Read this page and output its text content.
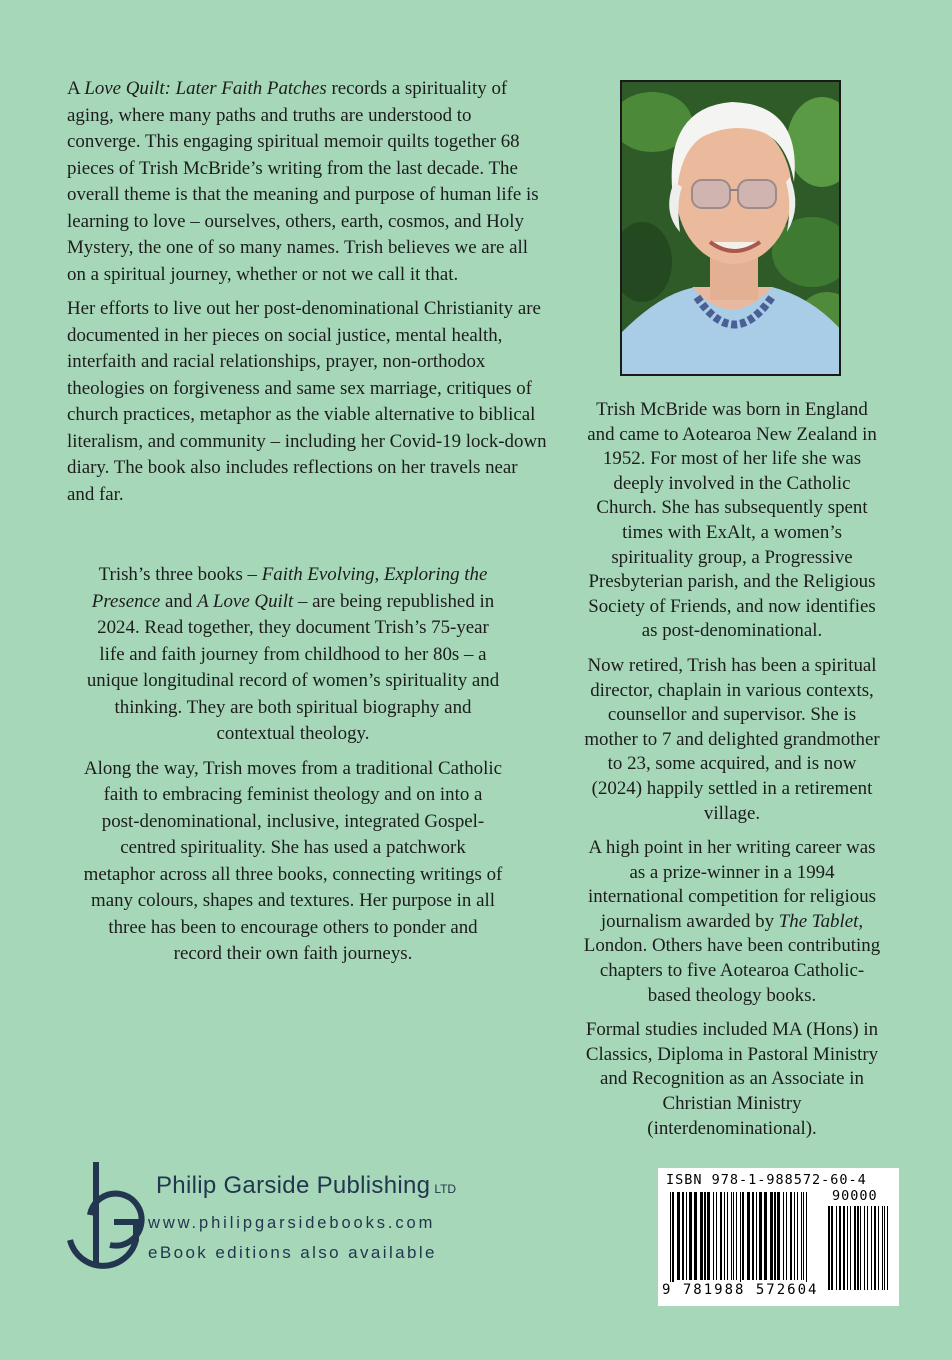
A Love Quilt: Later Faith Patches records a spirituality of aging, where many paths and truths are understood to converge. This engaging spiritual memoir quilts together 68 pieces of Trish McBride’s writing from the last decade. The overall theme is that the meaning and purpose of human life is learning to love – ourselves, others, earth, cosmos, and Holy Mystery, the one of so many names. Trish believes we are all on a spiritual journey, whether or not we call it that.

Her efforts to live out her post-denominational Christianity are documented in her pieces on social justice, mental health, interfaith and racial relationships, prayer, non-orthodox theologies on forgiveness and same sex marriage, critiques of church practices, metaphor as the viable alternative to biblical literalism, and community – including her Covid-19 lock-down diary. The book also includes reflections on her travels near and far.

Trish’s three books – Faith Evolving, Exploring the Presence and A Love Quilt – are being republished in 2024. Read together, they document Trish’s 75-year life and faith journey from childhood to her 80s – a unique longitudinal record of women’s spirituality and thinking. They are both spiritual biography and contextual theology.

Along the way, Trish moves from a traditional Catholic faith to embracing feminist theology and on into a post-denominational, inclusive, integrated Gospel-centred spirituality. She has used a patchwork metaphor across all three books, connecting writings of many colours, shapes and textures. Her purpose in all three has been to encourage others to ponder and record their own faith journeys.

Trish McBride was born in England and came to Aotearoa New Zealand in 1952. For most of her life she was deeply involved in the Catholic Church. She has subsequently spent times with ExAlt, a women’s spirituality group, a Progressive Presbyterian parish, and the Religious Society of Friends, and now identifies as post-denominational.

Now retired, Trish has been a spiritual director, chaplain in various contexts, counsellor and supervisor. She is mother to 7 and delighted grandmother to 23, some acquired, and is now (2024) happily settled in a retirement village.

A high point in her writing career was as a prize-winner in a 1994 international competition for religious journalism awarded by The Tablet, London. Others have been contributing chapters to five Aotearoa Catholic-based theology books.

Formal studies included MA (Hons) in Classics, Diploma in Pastoral Ministry and Recognition as an Associate in Christian Ministry (interdenominational).

Philip Garside Publishing LTD
www.philipgarsidebooks.com
eBook editions also available
ISBN 978-1-988572-60-4
90000
9 781988 572604
